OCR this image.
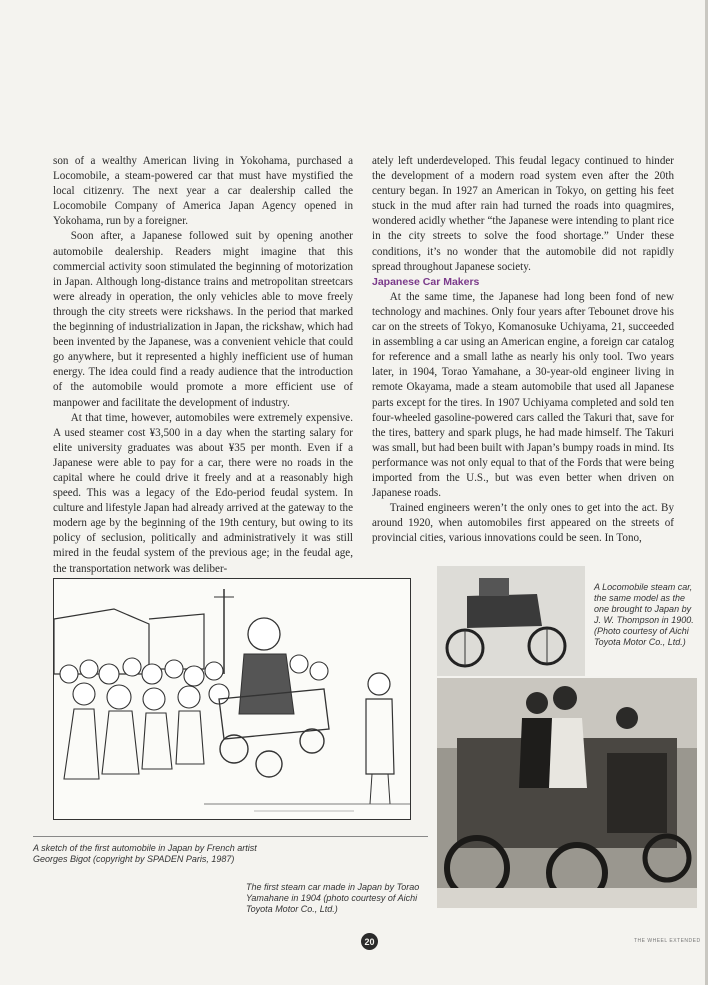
son of a wealthy American living in Yokohama, purchased a Locomobile, a steam-powered car that must have mystified the local citizenry. The next year a car dealership called the Locomobile Company of America Japan Agency opened in Yokohama, run by a foreigner.

Soon after, a Japanese followed suit by opening another automobile dealership. Readers might imagine that this commercial activity soon stimulated the beginning of motorization in Japan. Although long-distance trains and metropolitan streetcars were already in operation, the only vehicles able to move freely through the city streets were rickshaws. In the period that marked the beginning of industrialization in Japan, the rickshaw, which had been invented by the Japanese, was a convenient vehicle that could go anywhere, but it represented a highly inefficient use of human energy. The idea could find a ready audience that the introduction of the automobile would promote a more efficient use of manpower and facilitate the development of industry.

At that time, however, automobiles were extremely expensive. A used steamer cost ¥3,500 in a day when the starting salary for elite university graduates was about ¥35 per month. Even if a Japanese were able to pay for a car, there were no roads in the capital where he could drive it freely and at a reasonably high speed. This was a legacy of the Edo-period feudal system. In culture and lifestyle Japan had already arrived at the gateway to the modern age by the beginning of the 19th century, but owing to its policy of seclusion, politically and administratively it was still mired in the feudal system of the previous age; in the feudal age, the transportation network was deliber-

ately left underdeveloped. This feudal legacy continued to hinder the development of a modern road system even after the 20th century began. In 1927 an American in Tokyo, on getting his feet stuck in the mud after rain had turned the roads into quagmires, wondered acidly whether “the Japanese were intending to plant rice in the city streets to solve the food shortage.” Under these conditions, it’s no wonder that the automobile did not rapidly spread throughout Japanese society.

Japanese Car Makers

At the same time, the Japanese had long been fond of new technology and machines. Only four years after Tebounet drove his car on the streets of Tokyo, Komanosuke Uchiyama, 21, succeeded in assembling a car using an American engine, a foreign car catalog for reference and a small lathe as nearly his only tool. Two years later, in 1904, Torao Yamahane, a 30-year-old engineer living in remote Okayama, made a steam automobile that used all Japanese parts except for the tires. In 1907 Uchiyama completed and sold ten four-wheeled gasoline-powered cars called the Takuri that, save for the tires, battery and spark plugs, he had made himself. The Takuri was small, but had been built with Japan’s bumpy roads in mind. Its performance was not only equal to that of the Fords that were being imported from the U.S., but was even better when driven on Japanese roads.

Trained engineers weren’t the only ones to get into the act. By around 1920, when automobiles first appeared on the streets of provincial cities, various innovations could be seen. In Tono,

A sketch of the first automobile in Japan by French artist Georges Bigot (copyright by SPADEN Paris, 1987)
A Locomobile steam car, the same model as the one brought to Japan by J. W. Thompson in 1900. (Photo courtesy of Aichi Toyota Motor Co., Ltd.)
The first steam car made in Japan by Torao Yamahane in 1904 (photo courtesy of Aichi Toyota Motor Co., Ltd.)
20	THE WHEEL EXTENDED
